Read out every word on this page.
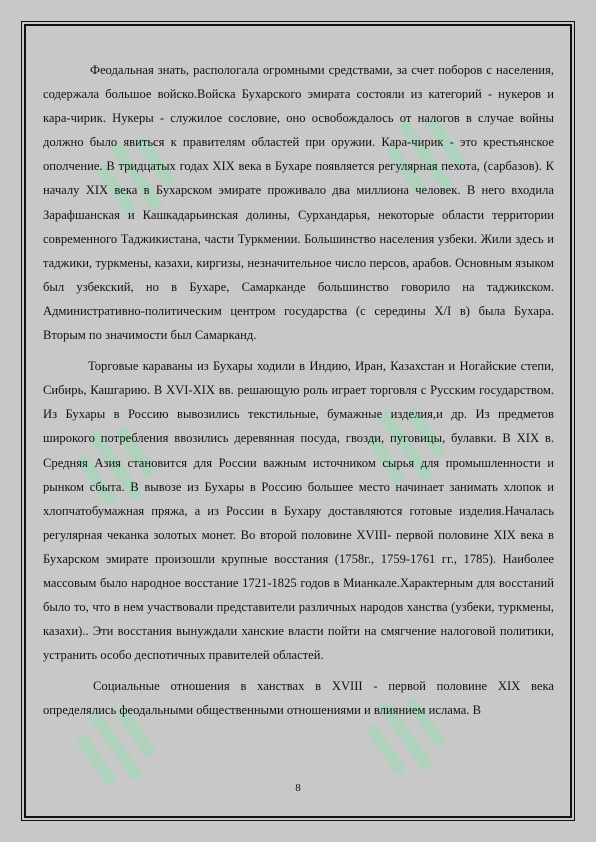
Феодальная знать, распологала огромными средствами, за счет поборов с населения, содержала большое войско.Войска Бухарского эмирата состояли из категорий - нукеров и кара-чирик. Нукеры - служилое сословие, оно освобождалось от налогов в случае войны должно было явиться к правителям областей при оружии. Кара-чирик - это крестьянское ополчение. В тридцатых годах XIX века в Бухаре появляется регулярная пехота, (сарбазов). К началу XIX века в Бухарском эмирате проживало два миллиона человек. В него входила Зарафшанская и Кашкадарьинская долины, Сурхандарья, некоторые области территории современного Таджикистана, части Туркмении. Большинство населения узбеки. Жили здесь и таджики, туркмены, казахи, киргизы, незначительное число персов, арабов. Основным языком был узбекский, но в Бухаре, Самарканде большинство говорило на таджикском. Административно-политическим центром государства (с середины Х/I в) была Бухара. Вторым по значимости был Самарканд.

Торговые караваны из Бухары ходили в Индию, Иран, Казахстан и Ногайские степи, Сибирь, Кашгарию. В XVI-XIX вв. решающую роль играет торговля с Русским государством. Из Бухары в Россию вывозились текстильные, бумажные изделия,и др. Из предметов широкого потребления ввозились деревянная посуда, гвозди, пуговицы, булавки. В XIX в. Средняя Азия становится для России важным источником сырья для промышленности и рынком сбыта. В вывозе из Бухары в Россию большее место начинает занимать хлопок и хлопчатобумажная пряжа, а из России в Бухару доставляются готовые изделия.Началась регулярная чеканка золотых монет. Во второй половине XVIII- первой половине XIX века в Бухарском эмирате произошли крупные восстания (1758г., 1759-1761 гг., 1785). Наиболее массовым было народное восстание 1721-1825 годов в Мианкале.Характерным для восстаний было то, что в нем участвовали представители различных народов ханства (узбеки, туркмены, казахи).. Эти восстания вынуждали ханские власти пойти на смягчение налоговой политики, устранить особо деспотичных правителей областей.

Социальные отношения в ханствах в XVIII - первой половине XIX века определялись феодальными общественными отношениями и влиянием ислама. В

8
